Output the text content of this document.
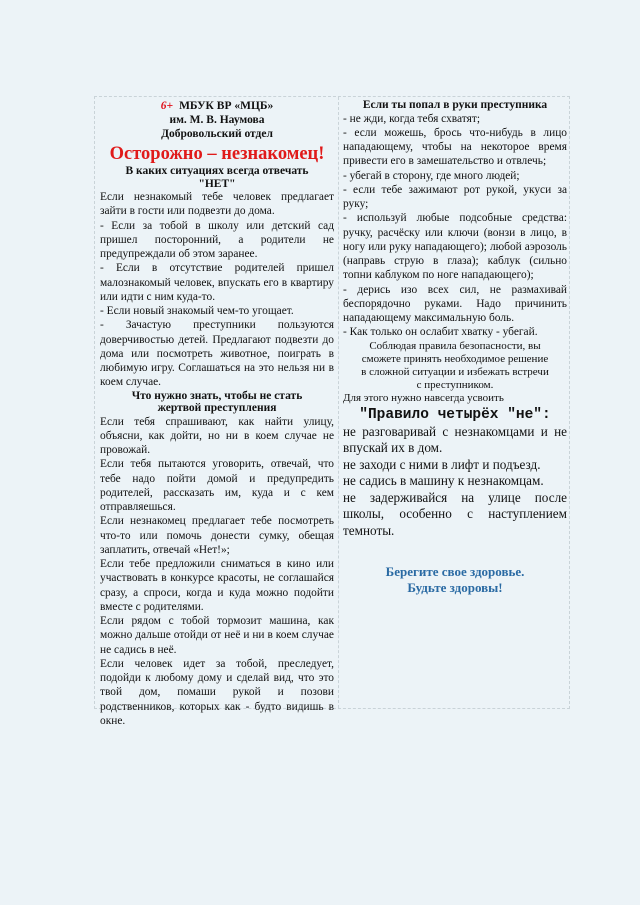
6+ МБУК ВР «МЦБ»
им. М. В. Наумова
Добровольский отдел
Осторожно – незнакомец!
В каких ситуациях всегда отвечать
"НЕТ"

Если незнакомый тебе человек предлагает зайти в гости или подвезти до дома.

- Если за тобой в школу или детский сад пришел посторонний, а родители не предупреждали об этом заранее.

- Если в отсутствие родителей пришел малознакомый человек, впускать его в квартиру или идти с ним куда-то.

- Если новый знакомый чем-то угощает.

- Зачастую преступники пользуются доверчивостью детей. Предлагают подвезти до дома или посмотреть животное, поиграть в любимую игру. Соглашаться на это нельзя ни в коем случае.

Что нужно знать, чтобы не стать
жертвой преступления

Если тебя спрашивают, как найти улицу, объясни, как дойти, но ни в коем случае не провожай.

Если тебя пытаются уговорить, отвечай, что тебе надо пойти домой и предупредить родителей, рассказать им, куда и с кем отправляешься.

Если незнакомец предлагает тебе посмотреть что-то или помочь донести сумку, обещая заплатить, отвечай «Нет!»;

Если тебе предложили сниматься в кино или участвовать в конкурсе красоты, не соглашайся сразу, а спроси, когда и куда можно подойти вместе с родителями.

Если рядом с тобой тормозит машина, как можно дальше отойди от неё и ни в коем случае не садись в неё.

Если человек идет за тобой, преследует, подойди к любому дому и сделай вид, что это твой дом, помаши рукой и позови родственников, которых как - будто видишь в окне.

Если ты попал в руки преступника

- не жди, когда тебя схватят;

- если можешь, брось что-нибудь в лицо нападающему, чтобы на некоторое время привести его в замешательство и отвлечь;

- убегай в сторону, где много людей;

- если тебе зажимают рот рукой, укуси за руку;

- используй любые подсобные средства: ручку, расчёску или ключи (вонзи в лицо, в ногу или руку нападающего); любой аэрозоль (направь струю в глаза); каблук (сильно топни каблуком по ноге нападающего);

- дерись изо всех сил, не размахивай беспорядочно руками. Надо причинить нападающему максимальную боль.

- Как только он ослабит хватку - убегай.

Соблюдая правила безопасности, вы
сможете принять необходимое решение
в сложной ситуации и избежать встречи
с преступником.
Для этого нужно навсегда усвоить
"Правило четырёх "не":

не разговаривай с незнакомцами и не впускай их в дом.

не заходи с ними в лифт и подъезд.

не садись в машину к незнакомцам.

не задерживайся на улице после школы, особенно с наступлением темноты.

Берегите свое здоровье.
Будьте здоровы!
